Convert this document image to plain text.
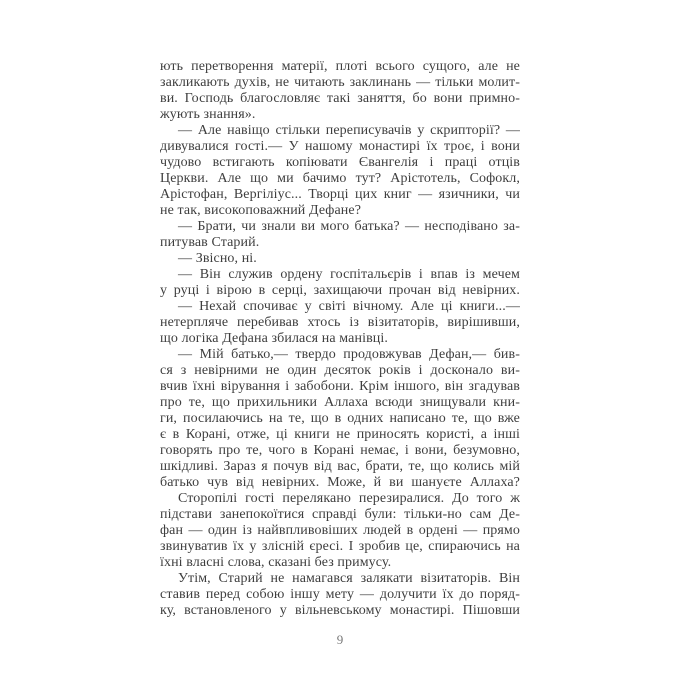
ють перетворення матерії, плоті всього сущого, але не
закликають духів, не читають заклинань — тільки молит-
ви. Господь благословляє такі заняття, бо вони примно-
жують знання».
— Але навіщо стільки переписувачів у скрипторії? —
дивувалися гості.— У нашому монастирі їх троє, і вони
чудово встигають копіювати Євангелія і праці отців
Церкви. Але що ми бачимо тут? Арістотель, Софокл,
Арістофан, Вергіліус... Творці цих книг — язичники, чи
не так, високоповажний Дефане?
— Брати, чи знали ви мого батька? — несподівано за-
питував Старий.
— Звісно, ні.
— Він служив ордену госпітальєрів і впав із мечем
у руці і вірою в серці, захищаючи прочан від невірних.
— Нехай спочиває у світі вічному. Але ці книги...—
нетерпляче перебивав хтось із візитаторів, вирішивши,
що логіка Дефана збилася на манівці.
— Мій батько,— твердо продовжував Дефан,— бив-
ся з невірними не один десяток років і досконало ви-
вчив їхні вірування і забобони. Крім іншого, він згадував
про те, що прихильники Аллаха всюди знищували кни-
ги, посилаючись на те, що в одних написано те, що вже
є в Корані, отже, ці книги не приносять користі, а інші
говорять про те, чого в Корані немає, і вони, безумовно,
шкідливі. Зараз я почув від вас, брати, те, що колись мій
батько чув від невірних. Може, й ви шануєте Аллаха?
Сторопілі гості перелякано перезиралися. До того ж
підстави занепокоїтися справді були: тільки-но сам Де-
фан — один із найвпливовіших людей в ордені — прямо
звинуватив їх у злісній єресі. І зробив це, спираючись на
їхні власні слова, сказані без примусу.
Утім, Старий не намагався залякати візитаторів. Він
ставив перед собою іншу мету — долучити їх до поряд-
ку, встановленого у вільневському монастирі. Пішовши
9
